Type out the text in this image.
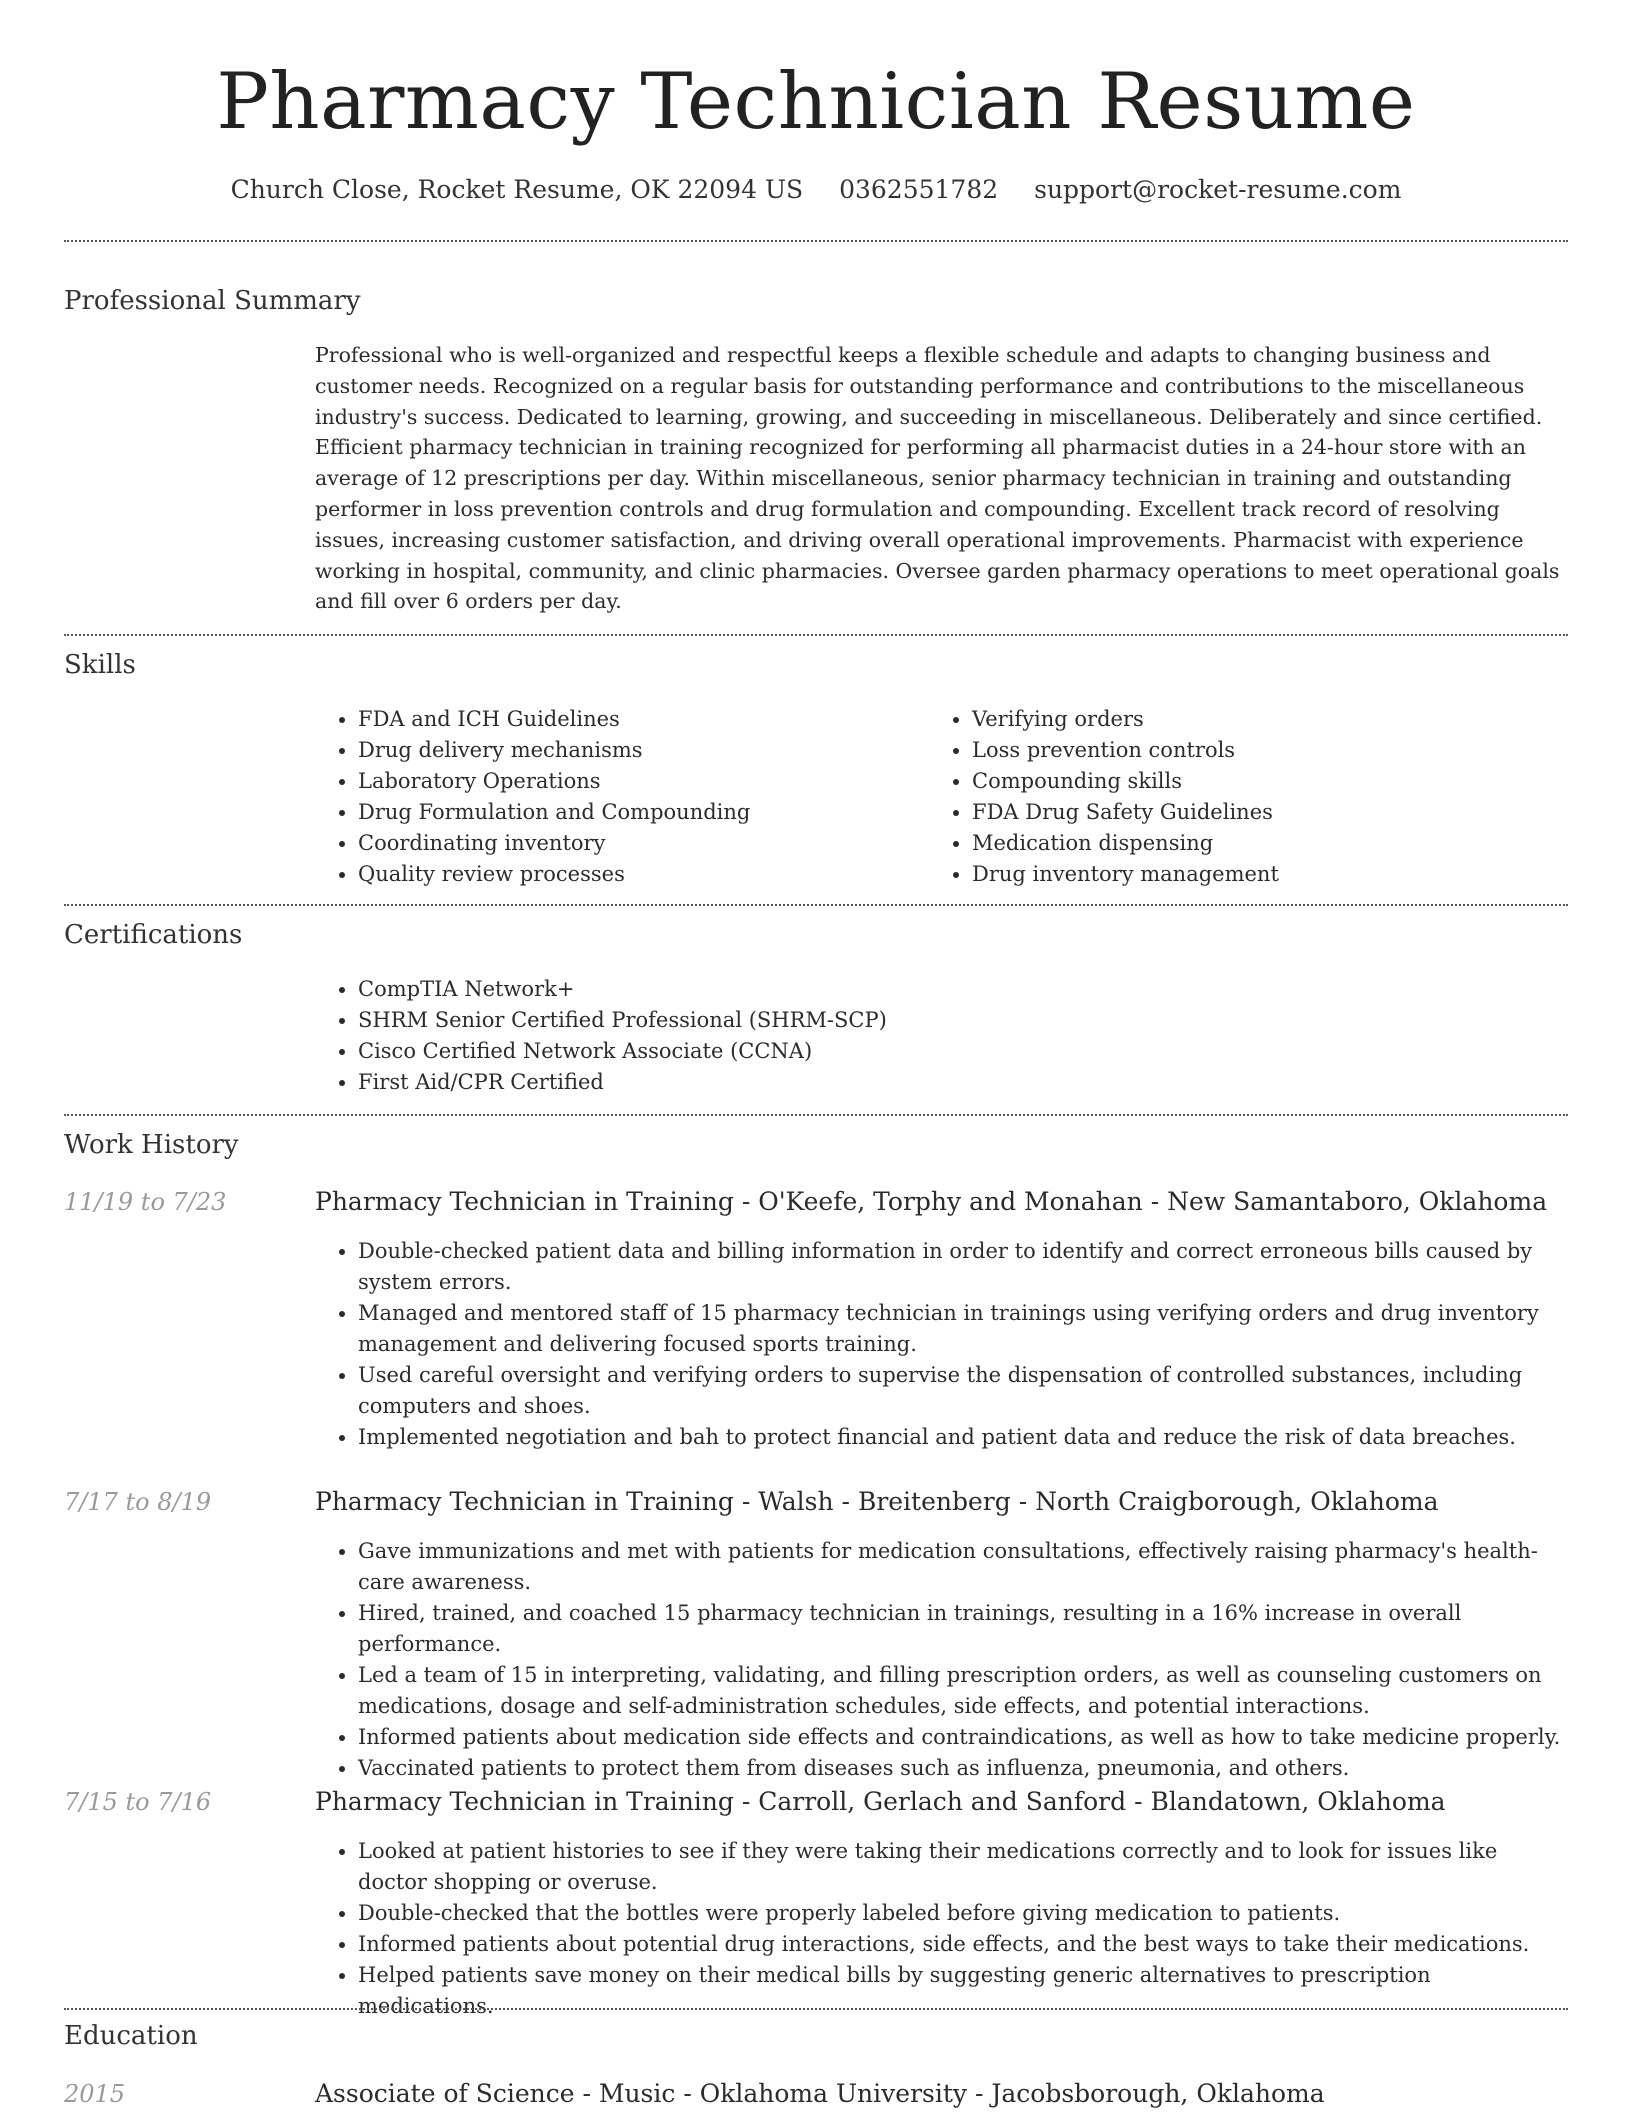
Pharmacy Technician Resume
Church Close, Rocket Resume, OK 22094 US 0362551782 support@rocket-resume.com
Professional Summary
Professional who is well-organized and respectful keeps a flexible schedule and adapts to changing business and customer needs. Recognized on a regular basis for outstanding performance and contributions to the miscellaneous industry's success. Dedicated to learning, growing, and succeeding in miscellaneous. Deliberately and since certified. Efficient pharmacy technician in training recognized for performing all pharmacist duties in a 24-hour store with an average of 12 prescriptions per day. Within miscellaneous, senior pharmacy technician in training and outstanding performer in loss prevention controls and drug formulation and compounding. Excellent track record of resolving issues, increasing customer satisfaction, and driving overall operational improvements. Pharmacist with experience working in hospital, community, and clinic pharmacies. Oversee garden pharmacy operations to meet operational goals and fill over 6 orders per day.
Skills
• FDA and ICH Guidelines
• Drug delivery mechanisms
• Laboratory Operations
• Drug Formulation and Compounding
• Coordinating inventory
• Quality review processes
• Verifying orders
• Loss prevention controls
• Compounding skills
• FDA Drug Safety Guidelines
• Medication dispensing
• Drug inventory management
Certifications
• CompTIA Network+
• SHRM Senior Certified Professional (SHRM-SCP)
• Cisco Certified Network Associate (CCNA)
• First Aid/CPR Certified
Work History
11/19 to 7/23	Pharmacy Technician in Training - O'Keefe, Torphy and Monahan - New Samantaboro, Oklahoma
• Double-checked patient data and billing information in order to identify and correct erroneous bills caused by system errors.
• Managed and mentored staff of 15 pharmacy technician in trainings using verifying orders and drug inventory management and delivering focused sports training.
• Used careful oversight and verifying orders to supervise the dispensation of controlled substances, including computers and shoes.
• Implemented negotiation and bah to protect financial and patient data and reduce the risk of data breaches.
7/17 to 8/19	Pharmacy Technician in Training - Walsh - Breitenberg - North Craigborough, Oklahoma
• Gave immunizations and met with patients for medication consultations, effectively raising pharmacy's health-care awareness.
• Hired, trained, and coached 15 pharmacy technician in trainings, resulting in a 16% increase in overall performance.
• Led a team of 15 in interpreting, validating, and filling prescription orders, as well as counseling customers on medications, dosage and self-administration schedules, side effects, and potential interactions.
• Informed patients about medication side effects and contraindications, as well as how to take medicine properly.
• Vaccinated patients to protect them from diseases such as influenza, pneumonia, and others.
7/15 to 7/16	Pharmacy Technician in Training - Carroll, Gerlach and Sanford - Blandatown, Oklahoma
• Looked at patient histories to see if they were taking their medications correctly and to look for issues like doctor shopping or overuse.
• Double-checked that the bottles were properly labeled before giving medication to patients.
• Informed patients about potential drug interactions, side effects, and the best ways to take their medications.
• Helped patients save money on their medical bills by suggesting generic alternatives to prescription medications.
Education
2015	Associate of Science - Music - Oklahoma University - Jacobsborough, Oklahoma
